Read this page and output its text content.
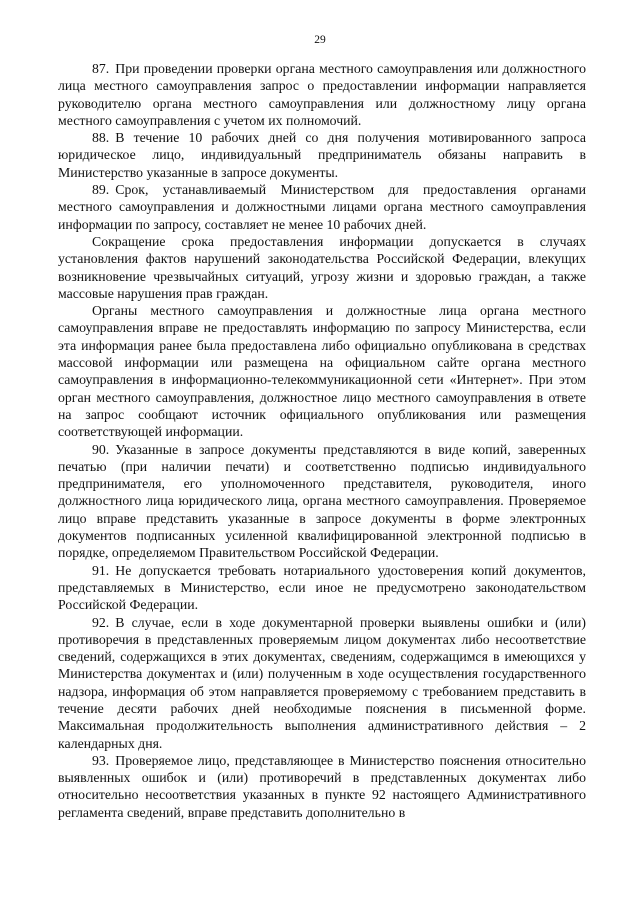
29

87. При проведении проверки органа местного самоуправления или должностного лица местного самоуправления запрос о предоставлении информации направляется руководителю органа местного самоуправления или должностному лицу органа местного самоуправления с учетом их полномочий.

88. В течение 10 рабочих дней со дня получения мотивированного запроса юридическое лицо, индивидуальный предприниматель обязаны направить в Министерство указанные в запросе документы.

89. Срок, устанавливаемый Министерством для предоставления органами местного самоуправления и должностными лицами органа местного самоуправления информации по запросу, составляет не менее 10 рабочих дней.

Сокращение срока предоставления информации допускается в случаях установления фактов нарушений законодательства Российской Федерации, влекущих возникновение чрезвычайных ситуаций, угрозу жизни и здоровью граждан, а также массовые нарушения прав граждан.

Органы местного самоуправления и должностные лица органа местного самоуправления вправе не предоставлять информацию по запросу Министерства, если эта информация ранее была предоставлена либо официально опубликована в средствах массовой информации или размещена на официальном сайте органа местного самоуправления в информационно-телекоммуникационной сети «Интернет». При этом орган местного самоуправления, должностное лицо местного самоуправления в ответе на запрос сообщают источник официального опубликования или размещения соответствующей информации.

90. Указанные в запросе документы представляются в виде копий, заверенных печатью (при наличии печати) и соответственно подписью индивидуального предпринимателя, его уполномоченного представителя, руководителя, иного должностного лица юридического лица, органа местного самоуправления. Проверяемое лицо вправе представить указанные в запросе документы в форме электронных документов подписанных усиленной квалифицированной электронной подписью в порядке, определяемом Правительством Российской Федерации.

91. Не допускается требовать нотариального удостоверения копий документов, представляемых в Министерство, если иное не предусмотрено законодательством Российской Федерации.

92. В случае, если в ходе документарной проверки выявлены ошибки и (или) противоречия в представленных проверяемым лицом документах либо несоответствие сведений, содержащихся в этих документах, сведениям, содержащимся в имеющихся у Министерства документах и (или) полученным в ходе осуществления государственного надзора, информация об этом направляется проверяемому с требованием представить в течение десяти рабочих дней необходимые пояснения в письменной форме. Максимальная продолжительность выполнения административного действия – 2 календарных дня.

93. Проверяемое лицо, представляющее в Министерство пояснения относительно выявленных ошибок и (или) противоречий в представленных документах либо относительно несоответствия указанных в пункте 92 настоящего Административного регламента сведений, вправе представить дополнительно в
